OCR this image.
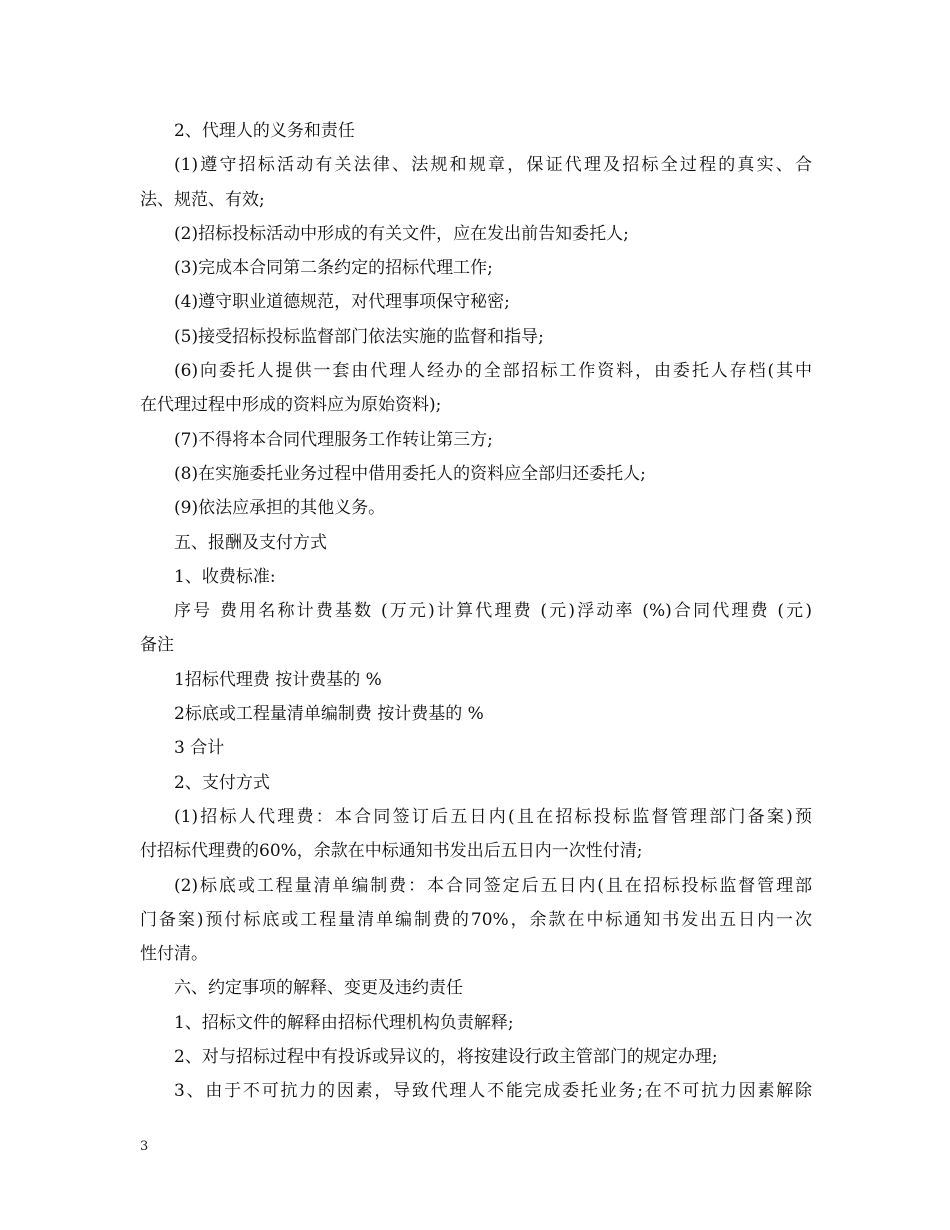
2、代理人的义务和责任
(1)遵守招标活动有关法律、法规和规章，保证代理及招标全过程的真实、合
法、规范、有效;
(2)招标投标活动中形成的有关文件，应在发出前告知委托人;
(3)完成本合同第二条约定的招标代理工作;
(4)遵守职业道德规范，对代理事项保守秘密;
(5)接受招标投标监督部门依法实施的监督和指导;
(6)向委托人提供一套由代理人经办的全部招标工作资料，由委托人存档(其中
在代理过程中形成的资料应为原始资料);
(7)不得将本合同代理服务工作转让第三方;
(8)在实施委托业务过程中借用委托人的资料应全部归还委托人;
(9)依法应承担的其他义务。
五、报酬及支付方式
1、收费标准:
序号 费用名称计费基数 (万元)计算代理费 (元)浮动率 (%)合同代理费 (元)
备注
1招标代理费 按计费基的 %
2标底或工程量清单编制费 按计费基的 %
3 合计
2、支付方式
(1)招标人代理费：本合同签订后五日内(且在招标投标监督管理部门备案)预
付招标代理费的60%，余款在中标通知书发出后五日内一次性付清;
(2)标底或工程量清单编制费：本合同签定后五日内(且在招标投标监督管理部
门备案)预付标底或工程量清单编制费的70%，余款在中标通知书发出五日内一次
性付清。
六、约定事项的解释、变更及违约责任
1、招标文件的解释由招标代理机构负责解释;
2、对与招标过程中有投诉或异议的，将按建设行政主管部门的规定办理;
3、由于不可抗力的因素，导致代理人不能完成委托业务;在不可抗力因素解除
3
